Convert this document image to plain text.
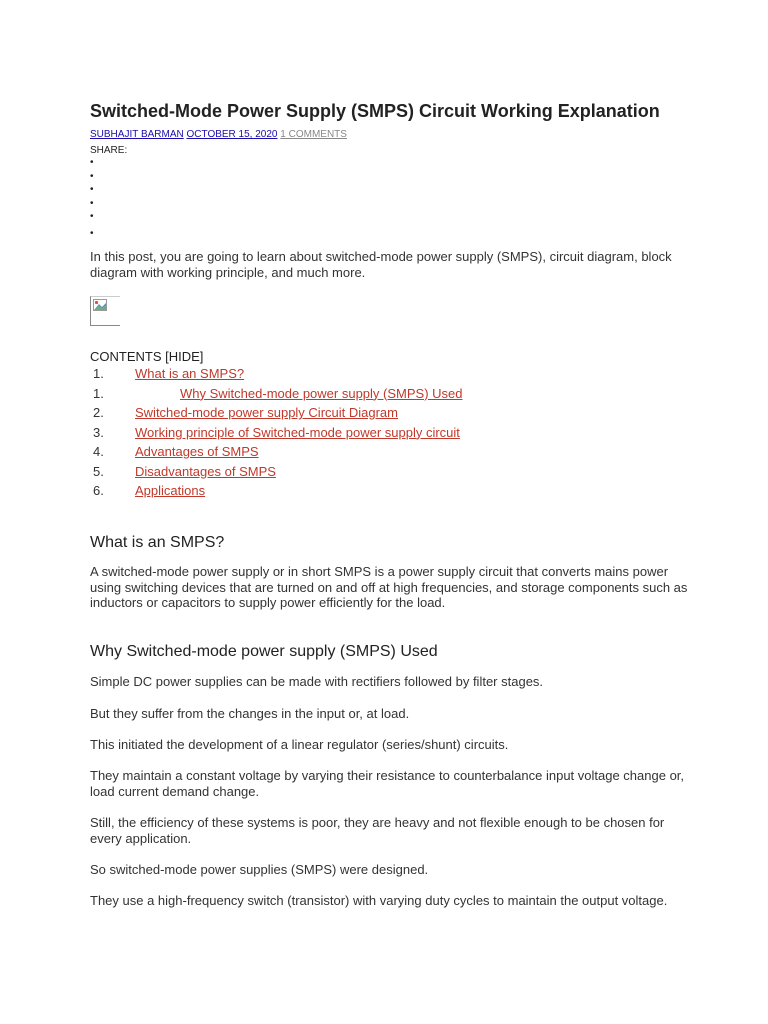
Switched-Mode Power Supply (SMPS) Circuit Working Explanation
SUBHAJIT BARMAN OCTOBER 15, 2020 1 COMMENTS
SHARE:
•
•
•
•
•
•

In this post, you are going to learn about switched-mode power supply (SMPS), circuit diagram, block diagram with working principle, and much more.

CONTENTS [HIDE]
1. What is an SMPS?
1.	Why Switched-mode power supply (SMPS) Used
2. Switched-mode power supply Circuit Diagram
3. Working principle of Switched-mode power supply circuit
4. Advantages of SMPS
5. Disadvantages of SMPS
6. Applications
What is an SMPS?

A switched-mode power supply or in short SMPS is a power supply circuit that converts mains power using switching devices that are turned on and off at high frequencies, and storage components such as inductors or capacitors to supply power efficiently for the load.

Why Switched-mode power supply (SMPS) Used

Simple DC power supplies can be made with rectifiers followed by filter stages.

But they suffer from the changes in the input or, at load.

This initiated the development of a linear regulator (series/shunt) circuits.

They maintain a constant voltage by varying their resistance to counterbalance input voltage change or, load current demand change.

Still, the efficiency of these systems is poor, they are heavy and not flexible enough to be chosen for every application.

So switched-mode power supplies (SMPS) were designed.

They use a high-frequency switch (transistor) with varying duty cycles to maintain the output voltage.
